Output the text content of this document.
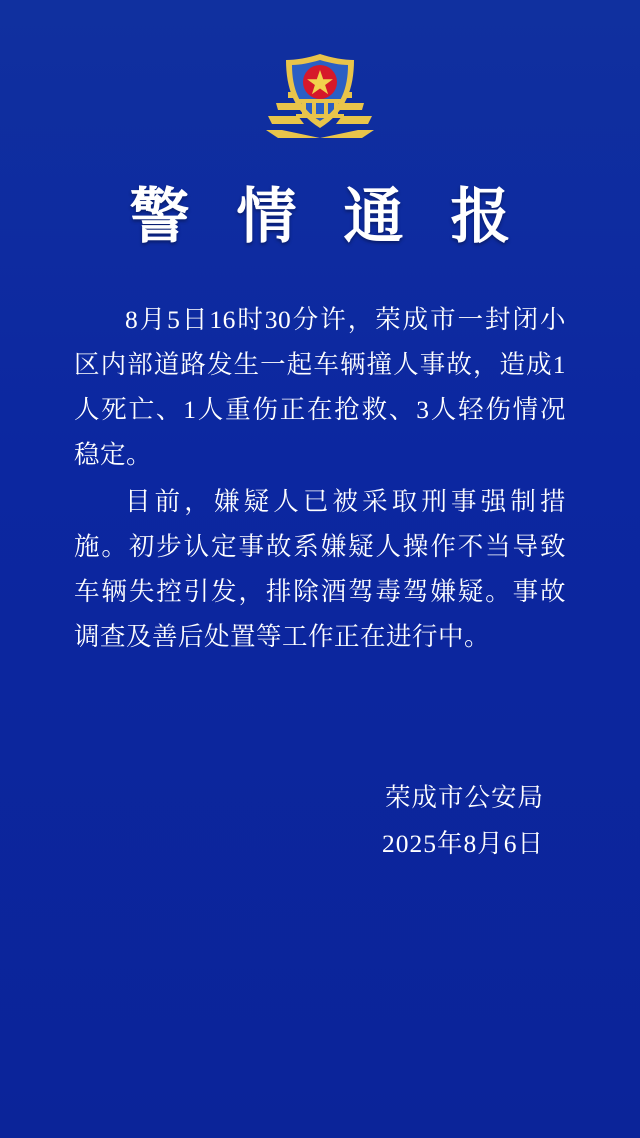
警 情 通 报

8月5日16时30分许，荣成市一封闭小区内部道路发生一起车辆撞人事故，造成1人死亡、1人重伤正在抢救、3人轻伤情况稳定。

目前，嫌疑人已被采取刑事强制措施。初步认定事故系嫌疑人操作不当导致车辆失控引发，排除酒驾毒驾嫌疑。事故调查及善后处置等工作正在进行中。

荣成市公安局
2025年8月6日
